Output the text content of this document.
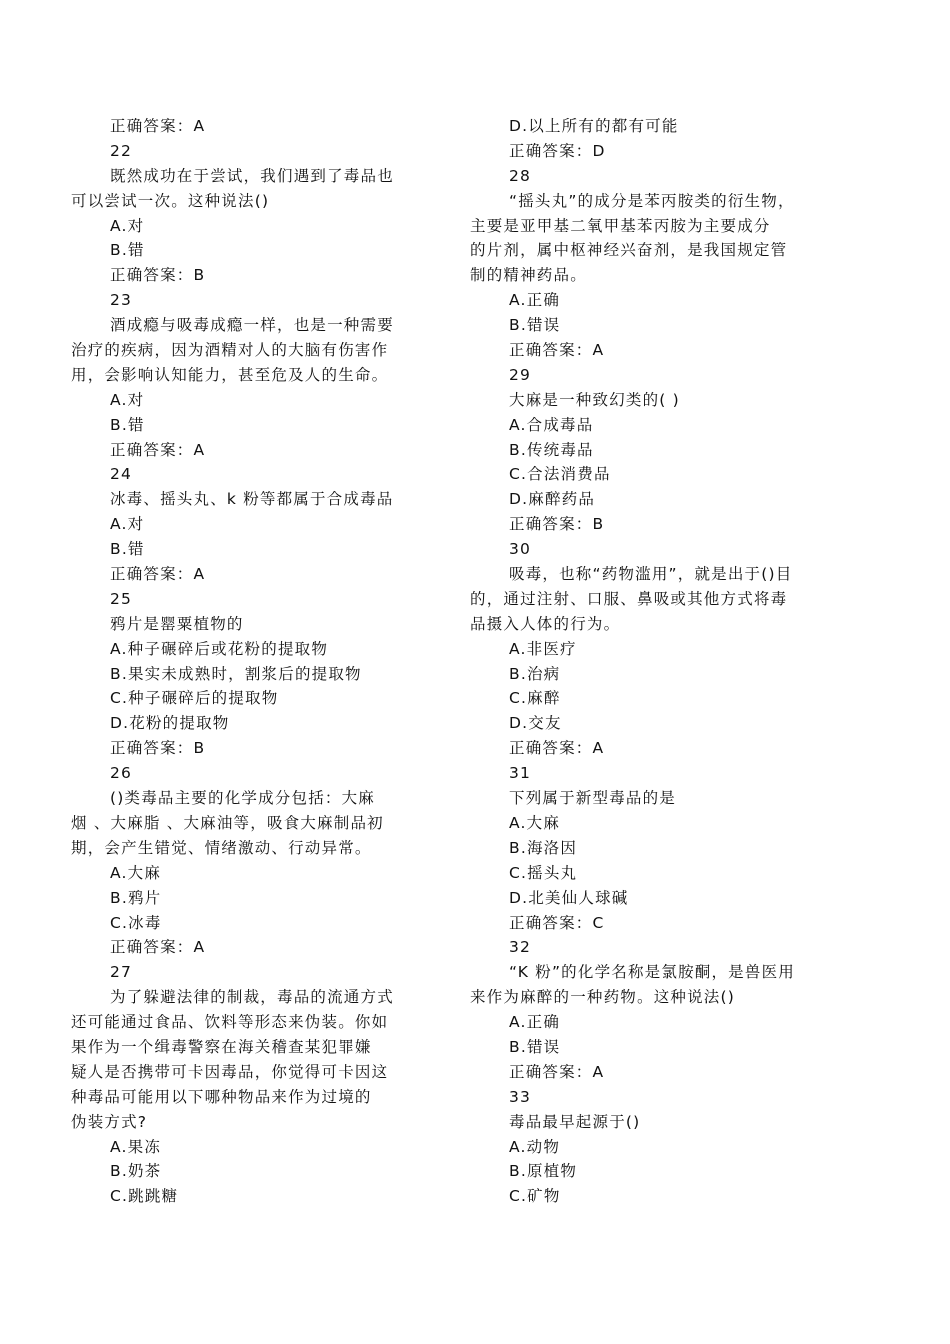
正确答案：A
22
既然成功在于尝试，我们遇到了毒品也
可以尝试一次。这种说法()
A.对
B.错
正确答案：B
23
酒成瘾与吸毒成瘾一样，也是一种需要
治疗的疾病，因为酒精对人的大脑有伤害作
用，会影响认知能力，甚至危及人的生命。
A.对
B.错
正确答案：A
24
冰毒、摇头丸、k 粉等都属于合成毒品
A.对
B.错
正确答案：A
25
鸦片是罂粟植物的
A.种子碾碎后或花粉的提取物
B.果实未成熟时，割浆后的提取物
C.种子碾碎后的提取物
D.花粉的提取物
正确答案：B
26
()类毒品主要的化学成分包括：大麻
烟 、大麻脂 、大麻油等，吸食大麻制品初
期，会产生错觉、情绪激动、行动异常。
A.大麻
B.鸦片
C.冰毒
正确答案：A
27
为了躲避法律的制裁，毒品的流通方式
还可能通过食品、饮料等形态来伪装。你如
果作为一个缉毒警察在海关稽查某犯罪嫌
疑人是否携带可卡因毒品，你觉得可卡因这
种毒品可能用以下哪种物品来作为过境的
伪装方式?
A.果冻
B.奶茶
C.跳跳糖
D.以上所有的都有可能
正确答案：D
28
“摇头丸”的成分是苯丙胺类的衍生物，
主要是亚甲基二氧甲基苯丙胺为主要成分
的片剂，属中枢神经兴奋剂，是我国规定管
制的精神药品。
A.正确
B.错误
正确答案：A
29
大麻是一种致幻类的( )
A.合成毒品
B.传统毒品
C.合法消费品
D.麻醉药品
正确答案：B
30
吸毒，也称“药物滥用”，就是出于()目
的，通过注射、口服、鼻吸或其他方式将毒
品摄入人体的行为。
A.非医疗
B.治病
C.麻醉
D.交友
正确答案：A
31
下列属于新型毒品的是
A.大麻
B.海洛因
C.摇头丸
D.北美仙人球碱
正确答案：C
32
“K 粉”的化学名称是氯胺酮，是兽医用
来作为麻醉的一种药物。这种说法()
A.正确
B.错误
正确答案：A
33
毒品最早起源于()
A.动物
B.原植物
C.矿物
